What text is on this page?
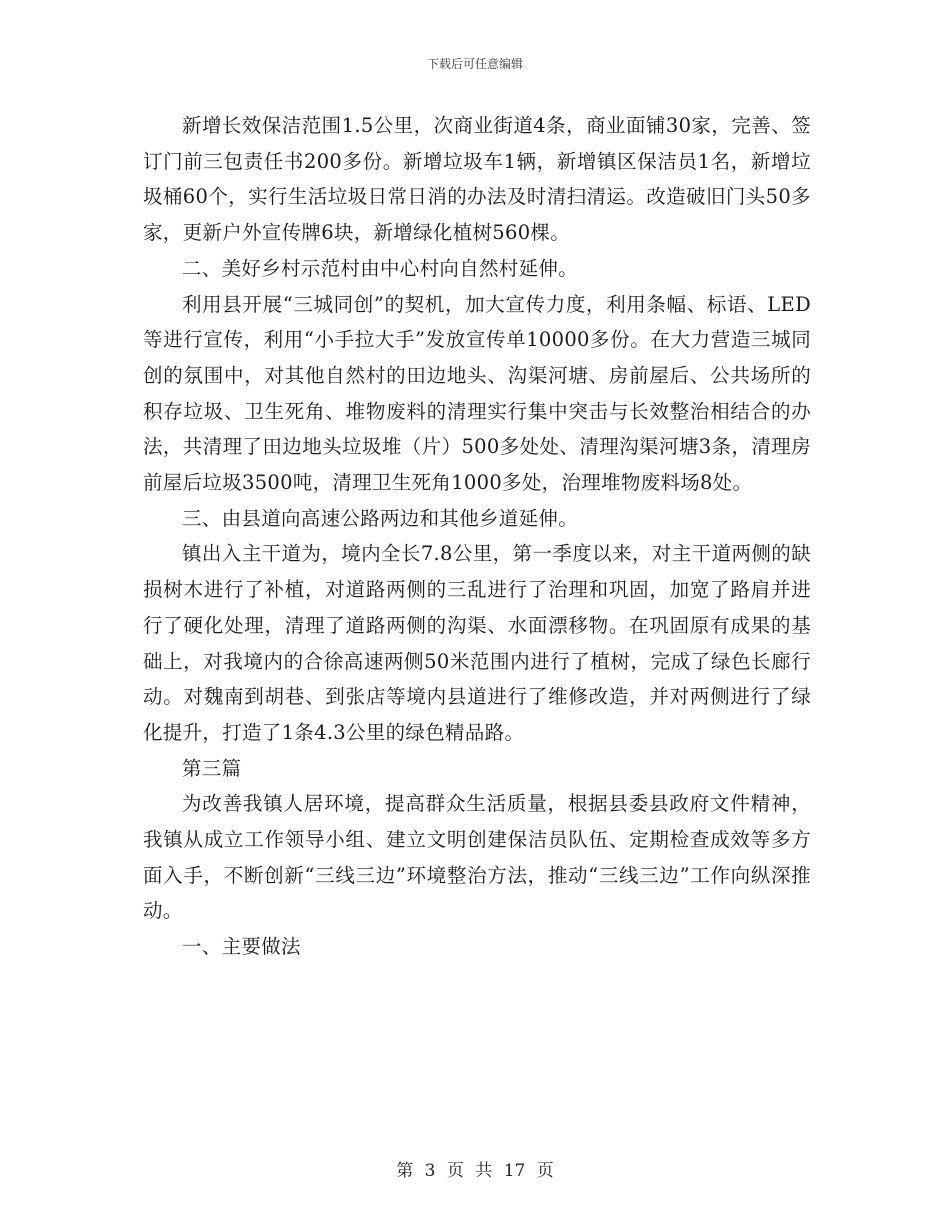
下载后可任意编辑

新增长效保洁范围1.5公里，次商业街道4条，商业面铺30家，完善、签订门前三包责任书200多份。新增垃圾车1辆，新增镇区保洁员1名，新增垃圾桶60个，实行生活垃圾日常日消的办法及时清扫清运。改造破旧门头50多家，更新户外宣传牌6块，新增绿化植树560棵。

二、美好乡村示范村由中心村向自然村延伸。

利用县开展“三城同创”的契机，加大宣传力度，利用条幅、标语、LED等进行宣传，利用“小手拉大手”发放宣传单10000多份。在大力营造三城同创的氛围中，对其他自然村的田边地头、沟渠河塘、房前屋后、公共场所的积存垃圾、卫生死角、堆物废料的清理实行集中突击与长效整治相结合的办法，共清理了田边地头垃圾堆（片）500多处处、清理沟渠河塘3条，清理房前屋后垃圾3500吨，清理卫生死角1000多处，治理堆物废料场8处。

三、由县道向高速公路两边和其他乡道延伸。

镇出入主干道为，境内全长7.8公里，第一季度以来，对主干道两侧的缺损树木进行了补植，对道路两侧的三乱进行了治理和巩固，加宽了路肩并进行了硬化处理，清理了道路两侧的沟渠、水面漂移物。在巩固原有成果的基础上，对我境内的合徐高速两侧50米范围内进行了植树，完成了绿色长廊行动。对魏南到胡巷、到张店等境内县道进行了维修改造，并对两侧进行了绿化提升，打造了1条4.3公里的绿色精品路。

第三篇

为改善我镇人居环境，提高群众生活质量，根据县委县政府文件精神，我镇从成立工作领导小组、建立文明创建保洁员队伍、定期检查成效等多方面入手，不断创新“三线三边”环境整治方法，推动“三线三边”工作向纵深推动。

一、主要做法

第 3 页 共 17 页
